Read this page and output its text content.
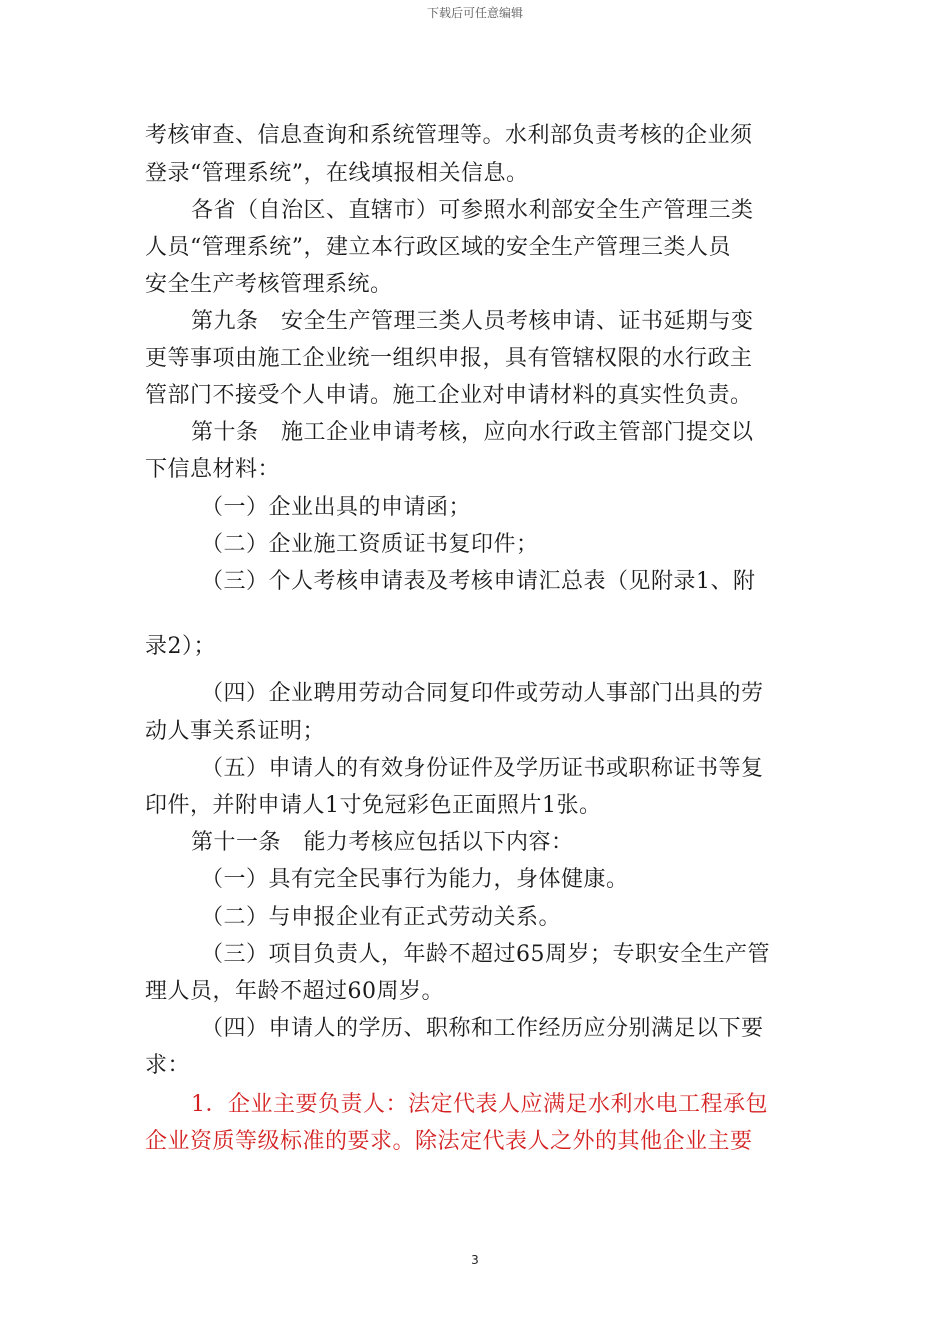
下载后可任意编辑
考核审查、信息查询和系统管理等。水利部负责考核的企业须
登录“管理系统”，在线填报相关信息。
各省（自治区、直辖市）可参照水利部安全生产管理三类
人员“管理系统”，建立本行政区域的安全生产管理三类人员
安全生产考核管理系统。
第九条　安全生产管理三类人员考核申请、证书延期与变
更等事项由施工企业统一组织申报，具有管辖权限的水行政主
管部门不接受个人申请。施工企业对申请材料的真实性负责。
第十条　施工企业申请考核，应向水行政主管部门提交以
下信息材料：
（一）企业出具的申请函；
（二）企业施工资质证书复印件；
（三）个人考核申请表及考核申请汇总表（见附录1、附
录2）；
（四）企业聘用劳动合同复印件或劳动人事部门出具的劳
动人事关系证明；
（五）申请人的有效身份证件及学历证书或职称证书等复
印件，并附申请人1寸免冠彩色正面照片1张。
第十一条　能力考核应包括以下内容：
（一）具有完全民事行为能力，身体健康。
（二）与申报企业有正式劳动关系。
（三）项目负责人，年龄不超过65周岁；专职安全生产管
理人员，年龄不超过60周岁。
（四）申请人的学历、职称和工作经历应分别满足以下要
求：
1．企业主要负责人：法定代表人应满足水利水电工程承包
企业资质等级标准的要求。除法定代表人之外的其他企业主要
3
